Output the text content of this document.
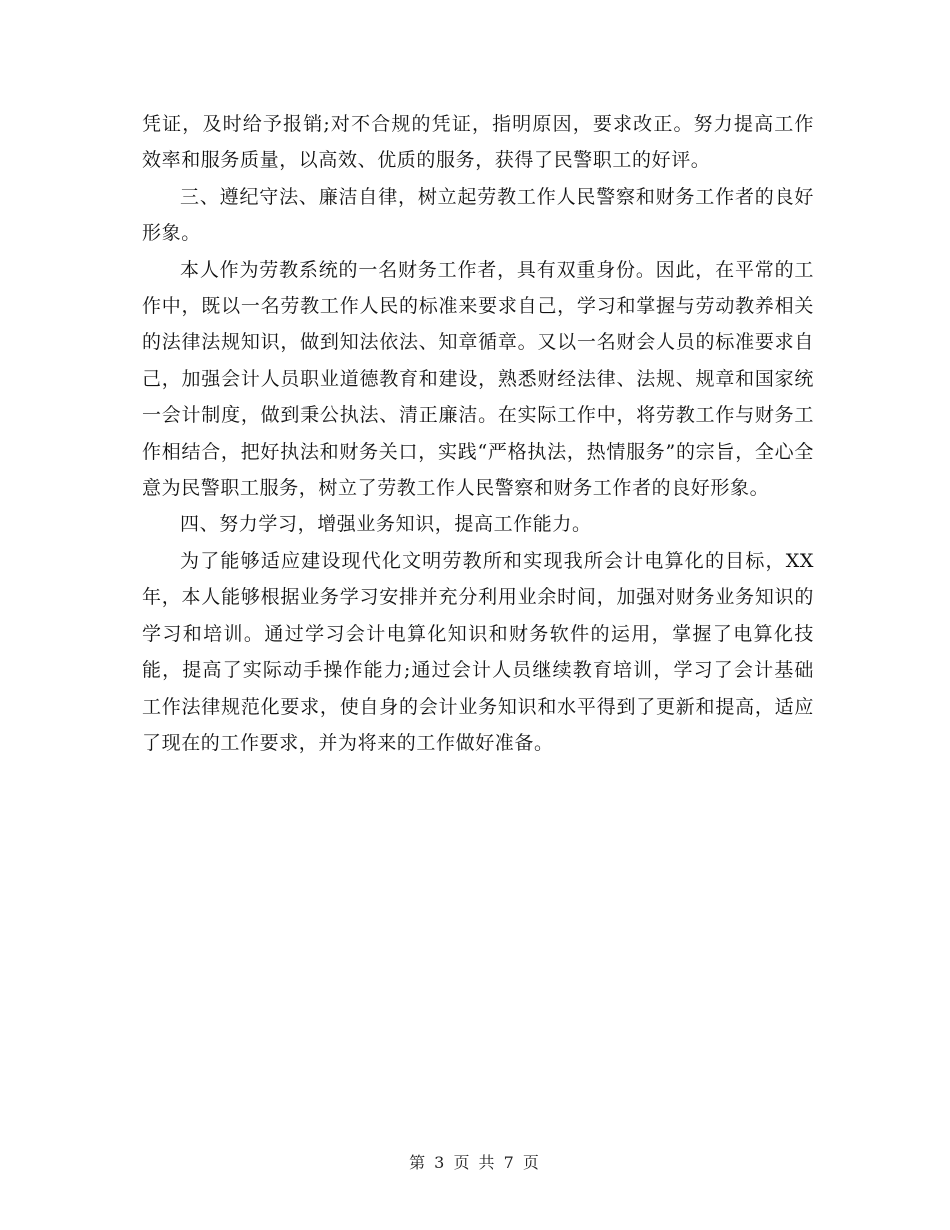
凭证，及时给予报销;对不合规的凭证，指明原因，要求改正。努力提高工作效率和服务质量，以高效、优质的服务，获得了民警职工的好评。

三、遵纪守法、廉洁自律，树立起劳教工作人民警察和财务工作者的良好形象。

本人作为劳教系统的一名财务工作者，具有双重身份。因此，在平常的工作中，既以一名劳教工作人民的标准来要求自己，学习和掌握与劳动教养相关的法律法规知识，做到知法依法、知章循章。又以一名财会人员的标准要求自己，加强会计人员职业道德教育和建设，熟悉财经法律、法规、规章和国家统一会计制度，做到秉公执法、清正廉洁。在实际工作中，将劳教工作与财务工作相结合，把好执法和财务关口，实践“严格执法，热情服务”的宗旨，全心全意为民警职工服务，树立了劳教工作人民警察和财务工作者的良好形象。

四、努力学习，增强业务知识，提高工作能力。

为了能够适应建设现代化文明劳教所和实现我所会计电算化的目标，XX年，本人能够根据业务学习安排并充分利用业余时间，加强对财务业务知识的学习和培训。通过学习会计电算化知识和财务软件的运用，掌握了电算化技能，提高了实际动手操作能力;通过会计人员继续教育培训，学习了会计基础工作法律规范化要求，使自身的会计业务知识和水平得到了更新和提高，适应了现在的工作要求，并为将来的工作做好准备。

第 3 页 共 7 页
